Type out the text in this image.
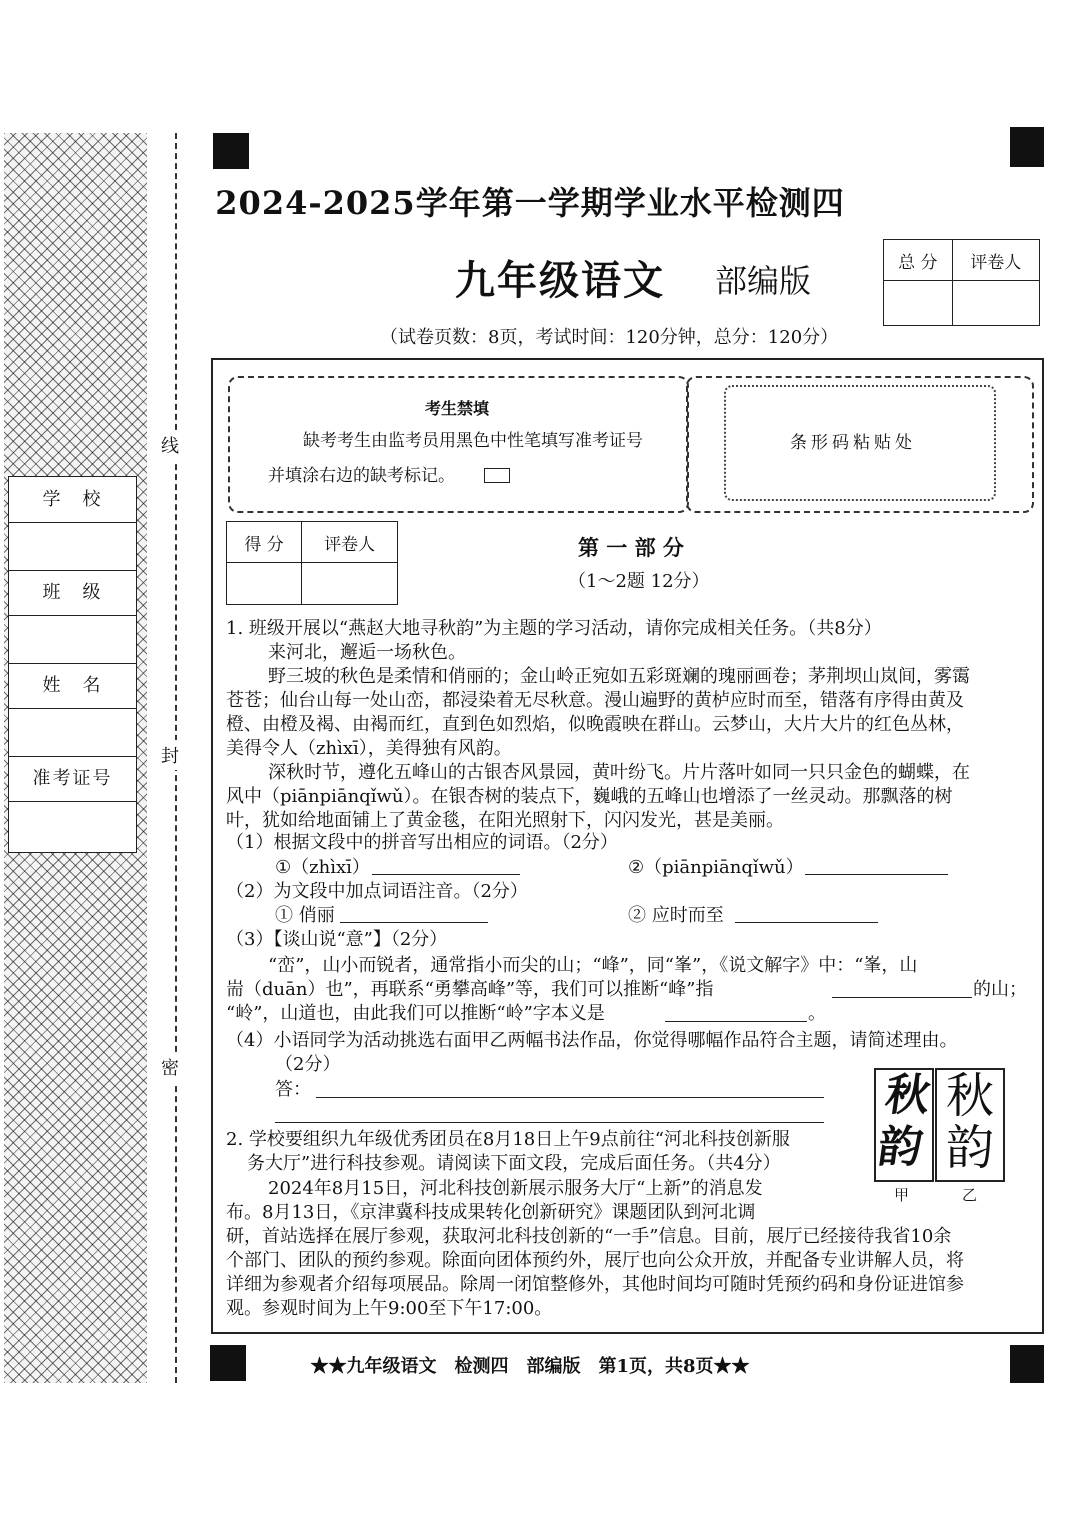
学　校
班　级
姓　名
准考证号
线
封
密
2024-2025学年第一学期学业水平检测四
九年级语文 部编版
（试卷页数：8页，考试时间：120分钟，总分：120分）
总 分	评卷人

考生禁填
缺考考生由监考员用黑色中性笔填写准考证号
并填涂右边的缺考标记。
条形码粘贴处
得 分	评卷人
		第 一 部 分
（1～2题 12分）
1. 班级开展以“燕赵大地寻秋韵”为主题的学习活动，请你完成相关任务。（共8分）
来河北，邂逅一场秋色。
野三坡的秋色是柔情和俏丽的；金山岭正宛如五彩斑斓的瑰丽画卷；茅荆坝山岚间，雾霭
苍苍；仙台山每一处山峦，都浸染着无尽秋意。漫山遍野的黄栌应时而至，错落有序得由黄及
橙、由橙及褐、由褐而红，直到色如烈焰，似晚霞映在群山。云梦山，大片大片的红色丛林，
美得令人（zhìxī），美得独有风韵。
深秋时节，遵化五峰山的古银杏风景园，黄叶纷飞。片片落叶如同一只只金色的蝴蝶，在
风中（piānpiānqǐwǔ）。在银杏树的装点下，巍峨的五峰山也增添了一丝灵动。那飘落的树
叶，犹如给地面铺上了黄金毯，在阳光照射下，闪闪发光，甚是美丽。
（1）根据文段中的拼音写出相应的词语。（2分）
①（zhìxī）	②（piānpiānqǐwǔ）
（2）为文段中加点词语注音。（2分）
① 俏丽	② 应时而至
（3）【谈山说“意”】（2分）
“峦”，山小而锐者，通常指小而尖的山；“峰”，同“峯”，《说文解字》中：“峯，山
耑（duān）也”，再联系“勇攀高峰”等，我们可以推断“峰”指	的山；
“岭”，山道也，由此我们可以推断“岭”字本义是	。
（4）小语同学为活动挑选右面甲乙两幅书法作品，你觉得哪幅作品符合主题，请简述理由。
（2分）
答：	秋韵
秋韵
甲	乙
2. 学校要组织九年级优秀团员在8月18日上午9点前往“河北科技创新服
务大厅”进行科技参观。请阅读下面文段，完成后面任务。（共4分）
2024年8月15日，河北科技创新展示服务大厅“上新”的消息发
布。8月13日，《京津冀科技成果转化创新研究》课题团队到河北调
研，首站选择在展厅参观，获取河北科技创新的“一手”信息。目前，展厅已经接待我省10余
个部门、团队的预约参观。除面向团体预约外，展厅也向公众开放，并配备专业讲解人员，将
详细为参观者介绍每项展品。除周一闭馆整修外，其他时间均可随时凭预约码和身份证进馆参
观。参观时间为上午9:00至下午17:00。
★★九年级语文　检测四　部编版　第1页，共8页★★
